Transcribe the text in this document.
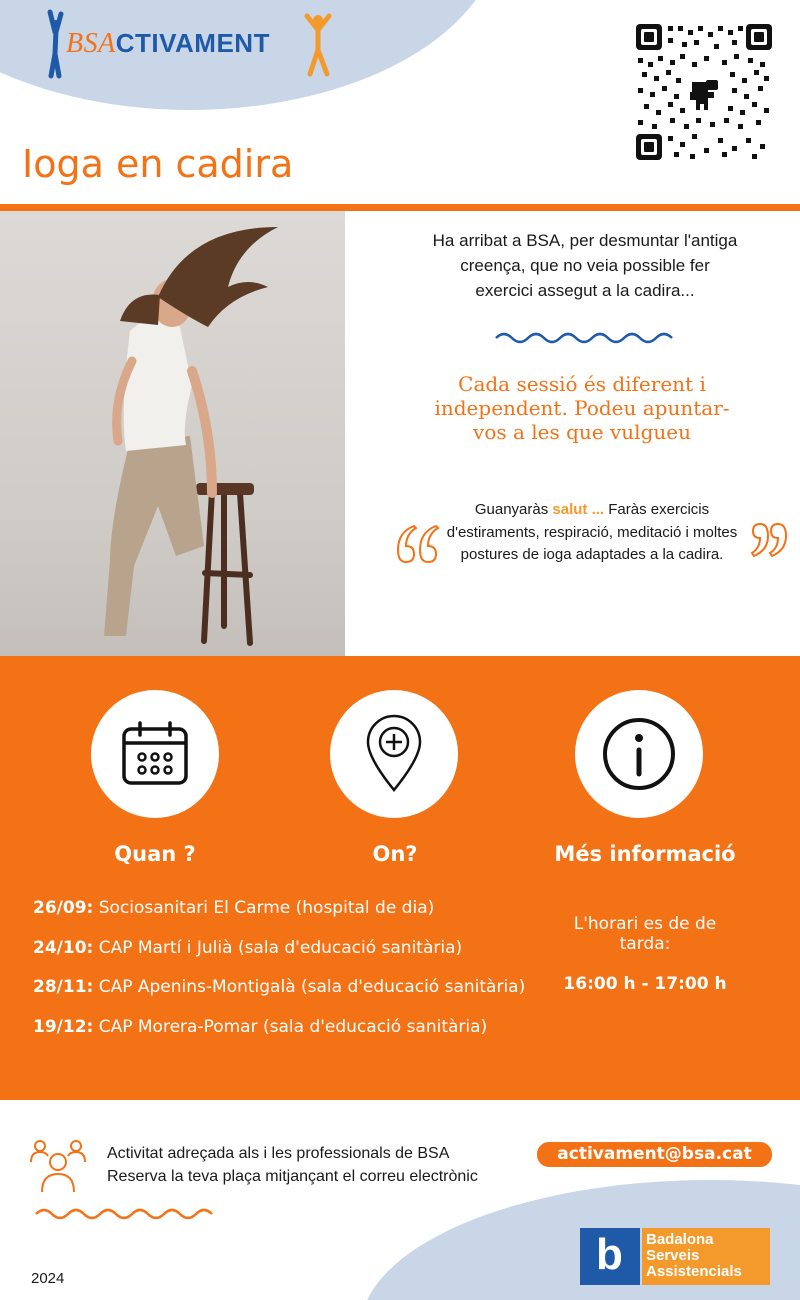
BSACTIVAMENT
Ioga en cadira

Ha arribat a BSA, per desmuntar l'antiga creença, que no veia possible fer exercici assegut a la cadira...

Cada sessió és diferent i independent. Podeu apuntar-vos a les que vulgueu

Guanyaràs salut ... Faràs exercicis d'estiraments, respiració, meditació i moltes postures de ioga adaptades a la cadira.

Quan ?	On?	Més informació
26/09: Sociosanitari El Carme (hospital de dia)
24/10: CAP Martí i Julià (sala d'educació sanitària)
28/11: CAP Apenins-Montigalà (sala d'educació sanitària)
19/12: CAP Morera-Pomar (sala d'educació sanitària)

L'horari es de de tarda:

16:00 h - 17:00 h

Activitat adreçada als i les professionals de BSA
Reserva la teva plaça mitjançant el correu electrònic
activament@bsa.cat
b Badalona
Serveis
Assistencials
2024
